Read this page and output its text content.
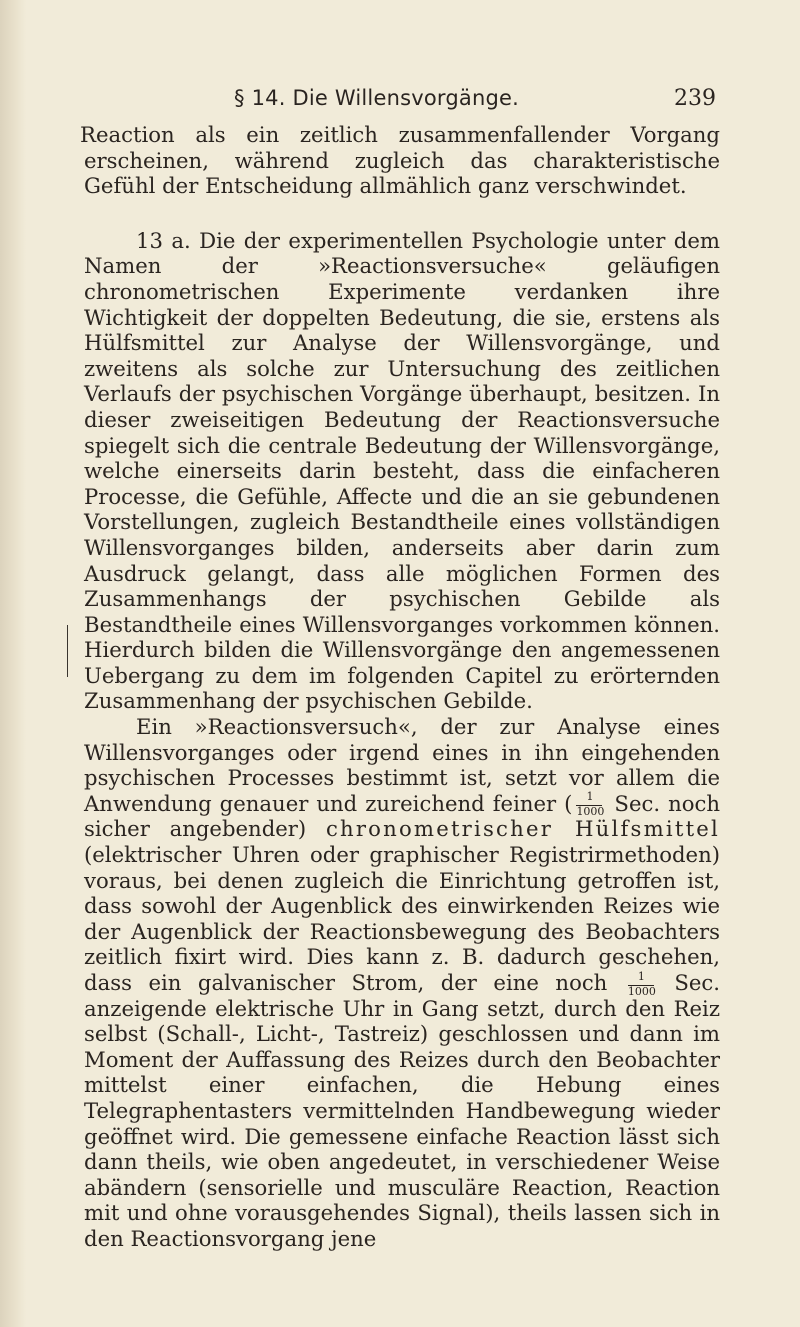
§ 14. Die Willensvorgänge.	239

Reaction als ein zeitlich zusammenfallender Vorgang erscheinen, während zugleich das charakteristische Gefühl der Entscheidung allmählich ganz verschwindet.

13 a. Die der experimentellen Psychologie unter dem Namen der »Reactionsversuche« geläufigen chronometrischen Experimente verdanken ihre Wichtigkeit der doppelten Bedeutung, die sie, erstens als Hülfsmittel zur Analyse der Willensvorgänge, und zweitens als solche zur Untersuchung des zeitlichen Verlaufs der psychischen Vorgänge überhaupt, besitzen. In dieser zweiseitigen Bedeutung der Reactionsversuche spiegelt sich die centrale Bedeutung der Willensvorgänge, welche einerseits darin besteht, dass die einfacheren Processe, die Gefühle, Affecte und die an sie gebundenen Vorstellungen, zugleich Bestandtheile eines vollständigen Willensvorganges bilden, anderseits aber darin zum Ausdruck gelangt, dass alle möglichen Formen des Zusammenhangs der psychischen Gebilde als Bestandtheile eines Willensvorganges vorkommen können. Hierdurch bilden die Willensvorgänge den angemessenen Uebergang zu dem im folgenden Capitel zu erörternden Zusammenhang der psychischen Gebilde.

Ein »Reactionsversuch«, der zur Analyse eines Willensvorganges oder irgend eines in ihn eingehenden psychischen Processes bestimmt ist, setzt vor allem die Anwendung genauer und zureichend feiner ( $\frac{1}{1000}$ Sec. noch sicher angebender) chronometrischer Hülfsmittel (elektrischer Uhren oder graphischer Registrirmethoden) voraus, bei denen zugleich die Einrichtung getroffen ist, dass sowohl der Augenblick des einwirkenden Reizes wie der Augenblick der Reactionsbewegung des Beobachters zeitlich fixirt wird. Dies kann z. B. dadurch geschehen, dass ein galvanischer Strom, der eine noch $\frac{1}{1000}$ Sec. anzeigende elektrische Uhr in Gang setzt, durch den Reiz selbst (Schall-, Licht-, Tastreiz) geschlossen und dann im Moment der Auffassung des Reizes durch den Beobachter mittelst einer einfachen, die Hebung eines Telegraphentasters vermittelnden Handbewegung wieder geöffnet wird. Die gemessene einfache Reaction lässt sich dann theils, wie oben angedeutet, in verschiedener Weise abändern (sensorielle und musculäre Reaction, Reaction mit und ohne vorausgehendes Signal), theils lassen sich in den Reactionsvorgang jene
